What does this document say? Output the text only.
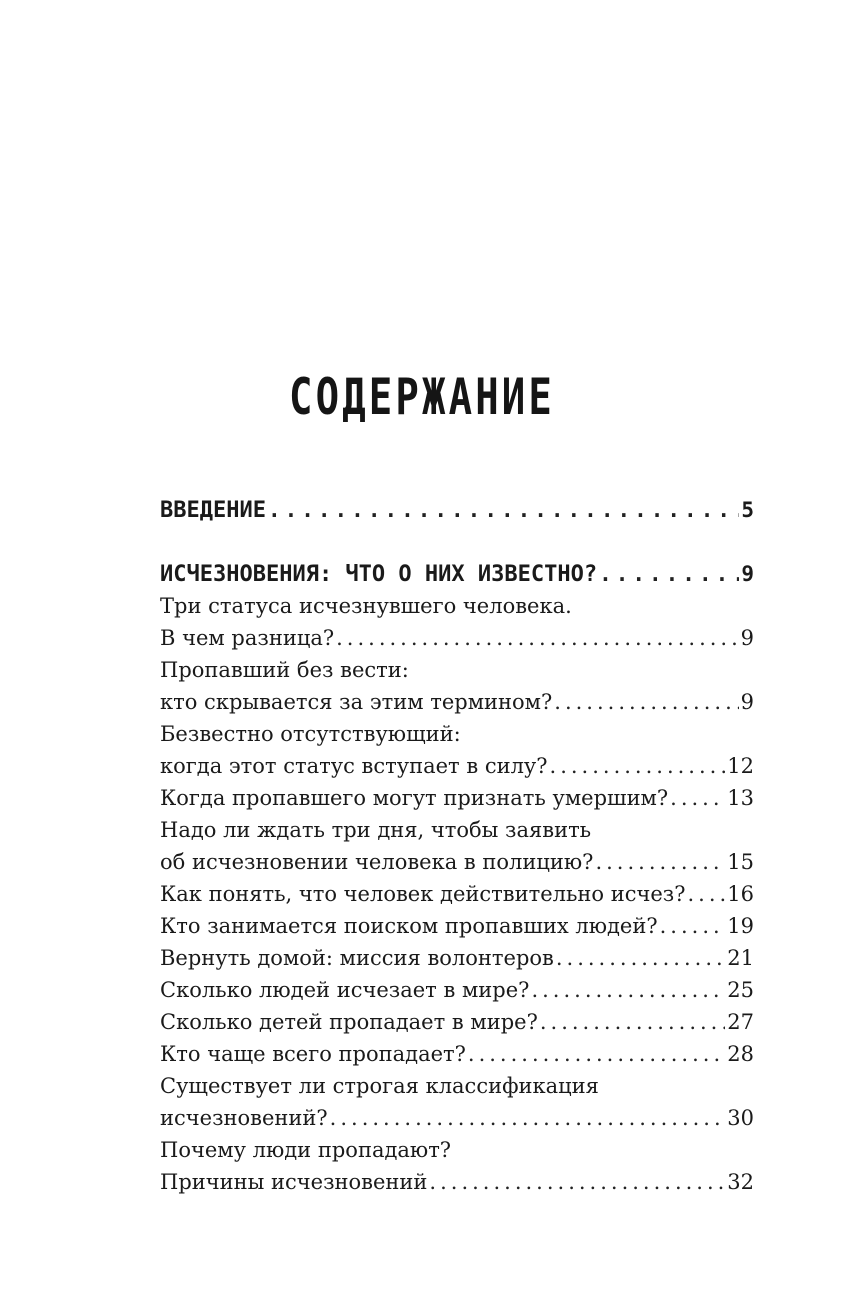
СОДЕРЖАНИЕ
ВВЕДЕНИЕ .....	5
ИСЧЕЗНОВЕНИЯ: ЧТО О НИХ ИЗВЕСТНО? .....	9
Три статуса исчезнувшего человека.
В чем разница? .....	9
Пропавший без вести:
кто скрывается за этим термином? .....	9
Безвестно отсутствующий:
когда этот статус вступает в силу? .....	12
Когда пропавшего могут признать умершим? .....	13
Надо ли ждать три дня, чтобы заявить
об исчезновении человека в полицию? .....	15
Как понять, что человек действительно исчез? ..... 16
Кто занимается поиском пропавших людей? .....	19
Вернуть домой: миссия волонтеров .....	21
Сколько людей исчезает в мире? .....	25
Сколько детей пропадает в мире? .....	27
Кто чаще всего пропадает? .....	28
Существует ли строгая классификация
исчезновений? .....	30
Почему люди пропадают?
Причины исчезновений .....	32
